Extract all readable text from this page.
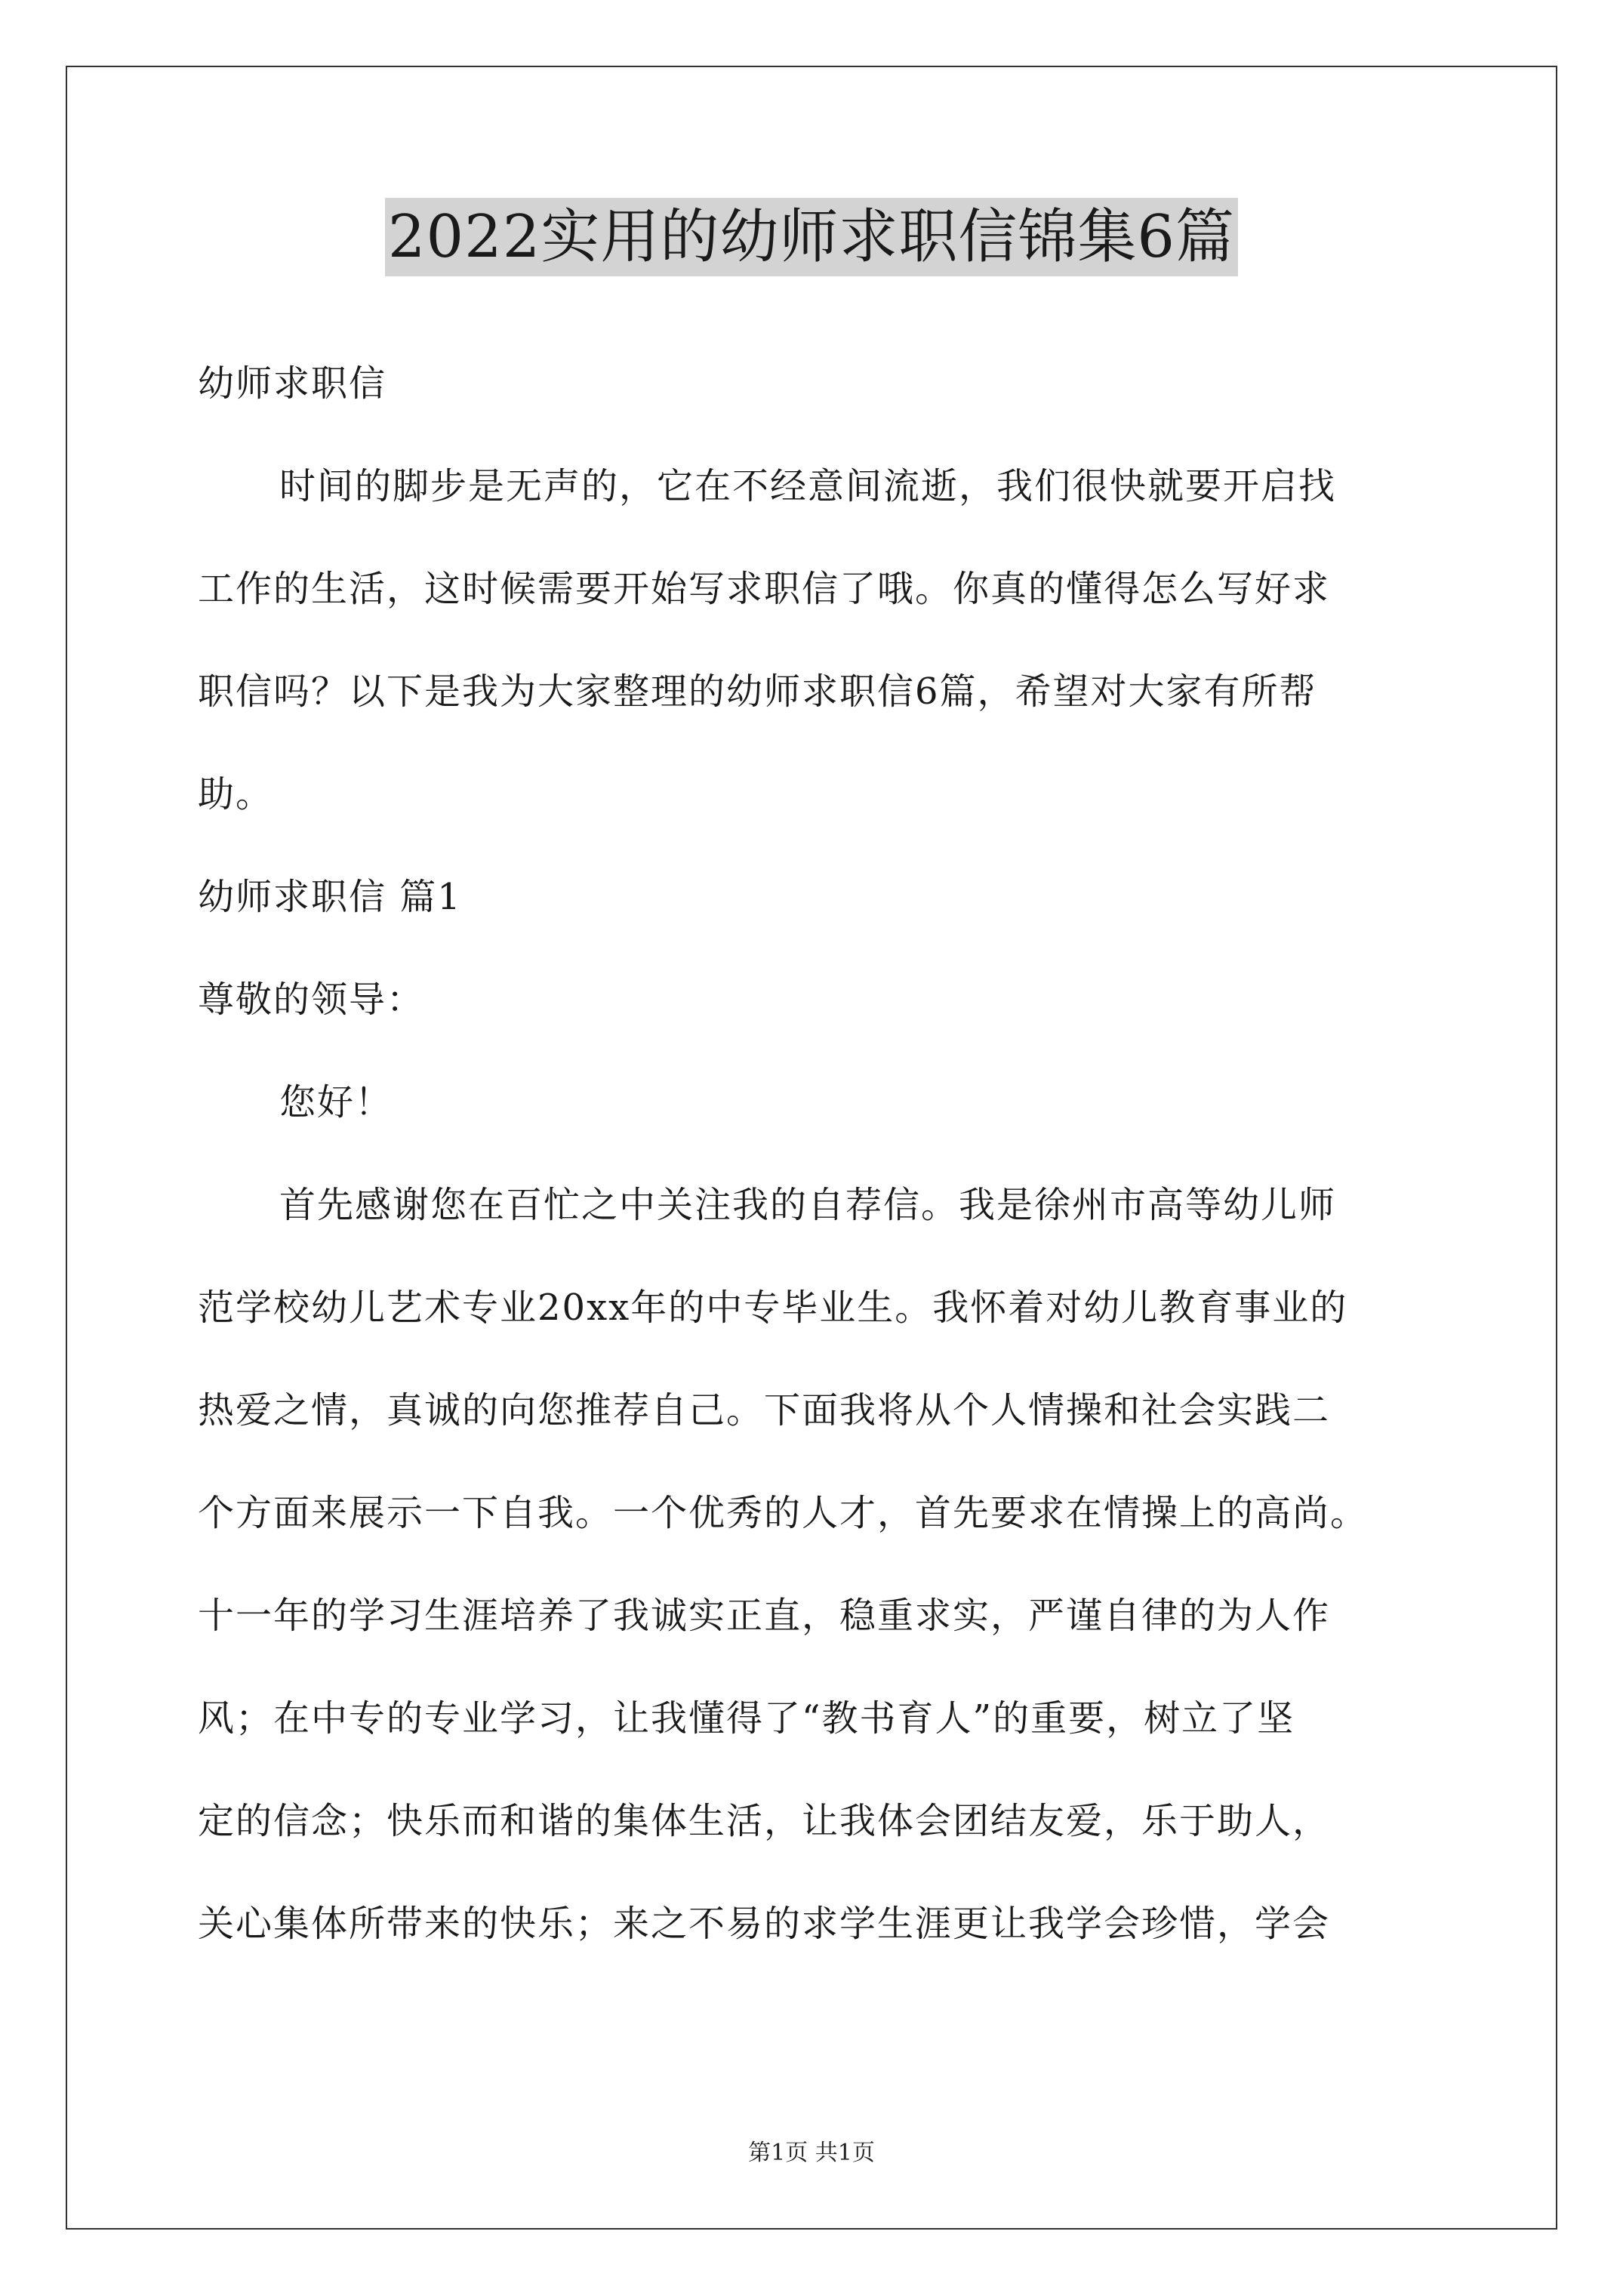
2022实用的幼师求职信锦集6篇
幼师求职信
时间的脚步是无声的，它在不经意间流逝，我们很快就要开启找
工作的生活，这时候需要开始写求职信了哦。你真的懂得怎么写好求
职信吗？以下是我为大家整理的幼师求职信6篇，希望对大家有所帮
助。
幼师求职信 篇1
尊敬的领导：
您好！
首先感谢您在百忙之中关注我的自荐信。我是徐州市高等幼儿师
范学校幼儿艺术专业20xx年的中专毕业生。我怀着对幼儿教育事业的
热爱之情，真诚的向您推荐自己。下面我将从个人情操和社会实践二
个方面来展示一下自我。一个优秀的人才，首先要求在情操上的高尚。
十一年的学习生涯培养了我诚实正直，稳重求实，严谨自律的为人作
风；在中专的专业学习，让我懂得了“教书育人”的重要，树立了坚
定的信念；快乐而和谐的集体生活，让我体会团结友爱，乐于助人，
关心集体所带来的快乐；来之不易的求学生涯更让我学会珍惜，学会
第1页 共1页
